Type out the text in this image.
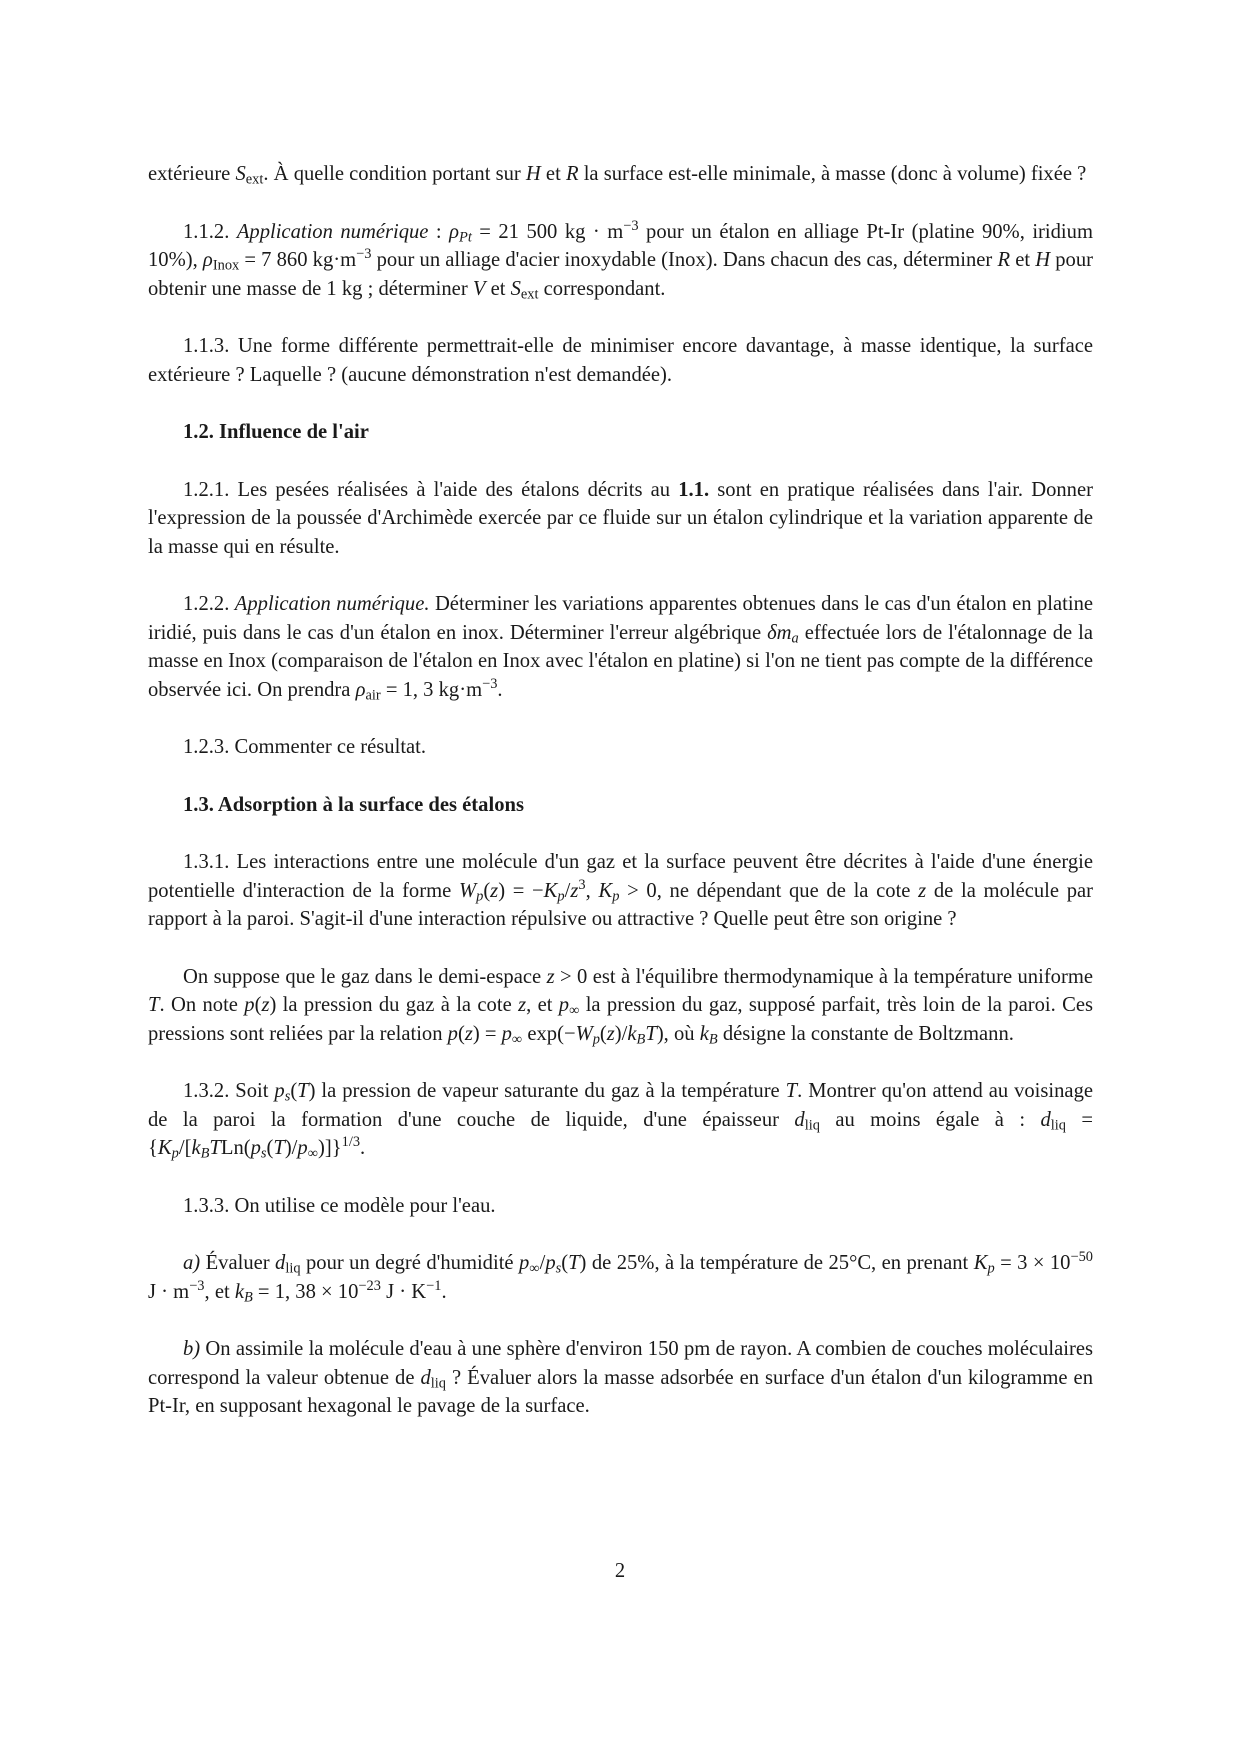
extérieure $S_{ext}$. À quelle condition portant sur H et R la surface est-elle minimale, à masse (donc à volume) fixée ?

1.1.2. Application numérique : $\rho_{Pt} = 21$ 500 kg · $m^{-3}$ pour un étalon en alliage Pt-Ir (platine 90%, iridium 10%), $\rho_{Inox} = 7$ 860 $kg\cdot m^{-3}$ pour un alliage d'acier inoxydable (Inox). Dans chacun des cas, déterminer R et H pour obtenir une masse de 1 kg ; déterminer V et $S_{ext}$ correspondant.

1.1.3. Une forme différente permettrait-elle de minimiser encore davantage, à masse identique, la surface extérieure ? Laquelle ? (aucune démonstration n'est demandée).

1.2. Influence de l'air

1.2.1. Les pesées réalisées à l'aide des étalons décrits au 1.1. sont en pratique réalisées dans l'air. Donner l'expression de la poussée d'Archimède exercée par ce fluide sur un étalon cylindrique et la variation apparente de la masse qui en résulte.

1.2.2. Application numérique. Déterminer les variations apparentes obtenues dans le cas d'un étalon en platine iridié, puis dans le cas d'un étalon en inox. Déterminer l'erreur algébrique $\delta m_a$ effectuée lors de l'étalonnage de la masse en Inox (comparaison de l'étalon en Inox avec l'étalon en platine) si l'on ne tient pas compte de la différence observée ici. On prendra $\rho_{air} = 1$, 3 $kg\cdot m^{-3}$.

1.2.3. Commenter ce résultat.

1.3. Adsorption à la surface des étalons

1.3.1. Les interactions entre une molécule d'un gaz et la surface peuvent être décrites à l'aide d'une énergie potentielle d'interaction de la forme $W_p(z) = -K_p/z^3$, $K_p > 0$, ne dépendant que de la cote z de la molécule par rapport à la paroi. S'agit-il d'une interaction répulsive ou attractive ? Quelle peut être son origine ?

On suppose que le gaz dans le demi-espace z > 0 est à l'équilibre thermodynamique à la température uniforme T. On note p(z) la pression du gaz à la cote z, et $p_\infty$ la pression du gaz, supposé parfait, très loin de la paroi. Ces pressions sont reliées par la relation $p(z) = p_\infty$ $\exp(-W_p(z)/k_BT)$, où $k_B$ désigne la constante de Boltzmann.

1.3.2. Soit $p_s(T)$ la pression de vapeur saturante du gaz à la température T. Montrer qu'on attend au voisinage de la paroi la formation d'une couche de liquide, d'une épaisseur $d_{liq}$ au moins égale à : $d_{liq} = \{K_p/[k_BTLn(p_s(T)/p_\infty)]\}^{1/3}$.

1.3.3. On utilise ce modèle pour l'eau.

a) Évaluer $d_{liq}$ pour un degré d'humidité $p_\infty/p_s(T)$ de 25%, à la température de 25°C, en prenant $K_p = 3 \times 10^{-50}$ $J \cdot m^{-3}$, et $k_B = 1$, $38 \times 10^{-23}$ $J \cdot K^{-1}$.

b) On assimile la molécule d'eau à une sphère d'environ 150 pm de rayon. A combien de couches moléculaires correspond la valeur obtenue de $d_{liq}$ ? Évaluer alors la masse adsorbée en surface d'un étalon d'un kilogramme en Pt-Ir, en supposant hexagonal le pavage de la surface.

2
